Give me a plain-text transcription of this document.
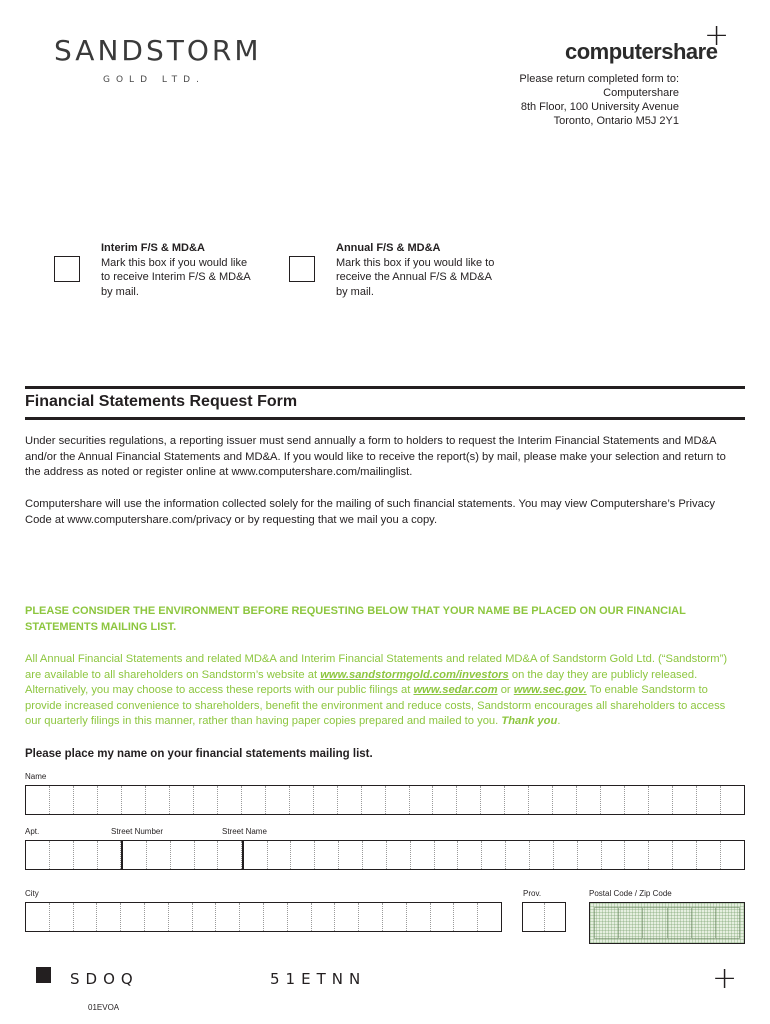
+
+
SANDSTORM
GOLD LTD.
computershare
Please return completed form to:
Computershare
8th Floor, 100 University Avenue
Toronto, Ontario M5J 2Y1
Interim F/S & MD&A
Mark this box if you would like
to receive Interim F/S & MD&A
by mail.
Annual F/S & MD&A
Mark this box if you would like to
receive the Annual F/S & MD&A
by mail.
Financial Statements Request Form
Under securities regulations, a reporting issuer must send annually a form to holders to request the Interim Financial Statements and MD&A and/or the Annual Financial Statements and MD&A. If you would like to receive the report(s) by mail, please make your selection and return to the address as noted or register online at www.computershare.com/mailinglist.
Computershare will use the information collected solely for the mailing of such financial statements. You may view Computershare’s Privacy Code at www.computershare.com/privacy or by requesting that we mail you a copy.
PLEASE CONSIDER THE ENVIRONMENT BEFORE REQUESTING BELOW THAT YOUR NAME BE PLACED ON OUR FINANCIAL STATEMENTS MAILING LIST.
All Annual Financial Statements and related MD&A and Interim Financial Statements and related MD&A of Sandstorm Gold Ltd. (“Sandstorm”) are available to all shareholders on Sandstorm’s website at www.sandstormgold.com/investors on the day they are publicly released. Alternatively, you may choose to access these reports with our public filings at www.sedar.com or www.sec.gov. To enable Sandstorm to provide increased convenience to shareholders, benefit the environment and reduce costs, Sandstorm encourages all shareholders to access our quarterly filings in this manner, rather than having paper copies prepared and mailed to you. Thank you.
Please place my name on your financial statements mailing list.
Name
Apt.	Street Number	Street Name
City	Prov.	Postal Code / Zip Code
SDOQ	51ETNN
01EVOA
